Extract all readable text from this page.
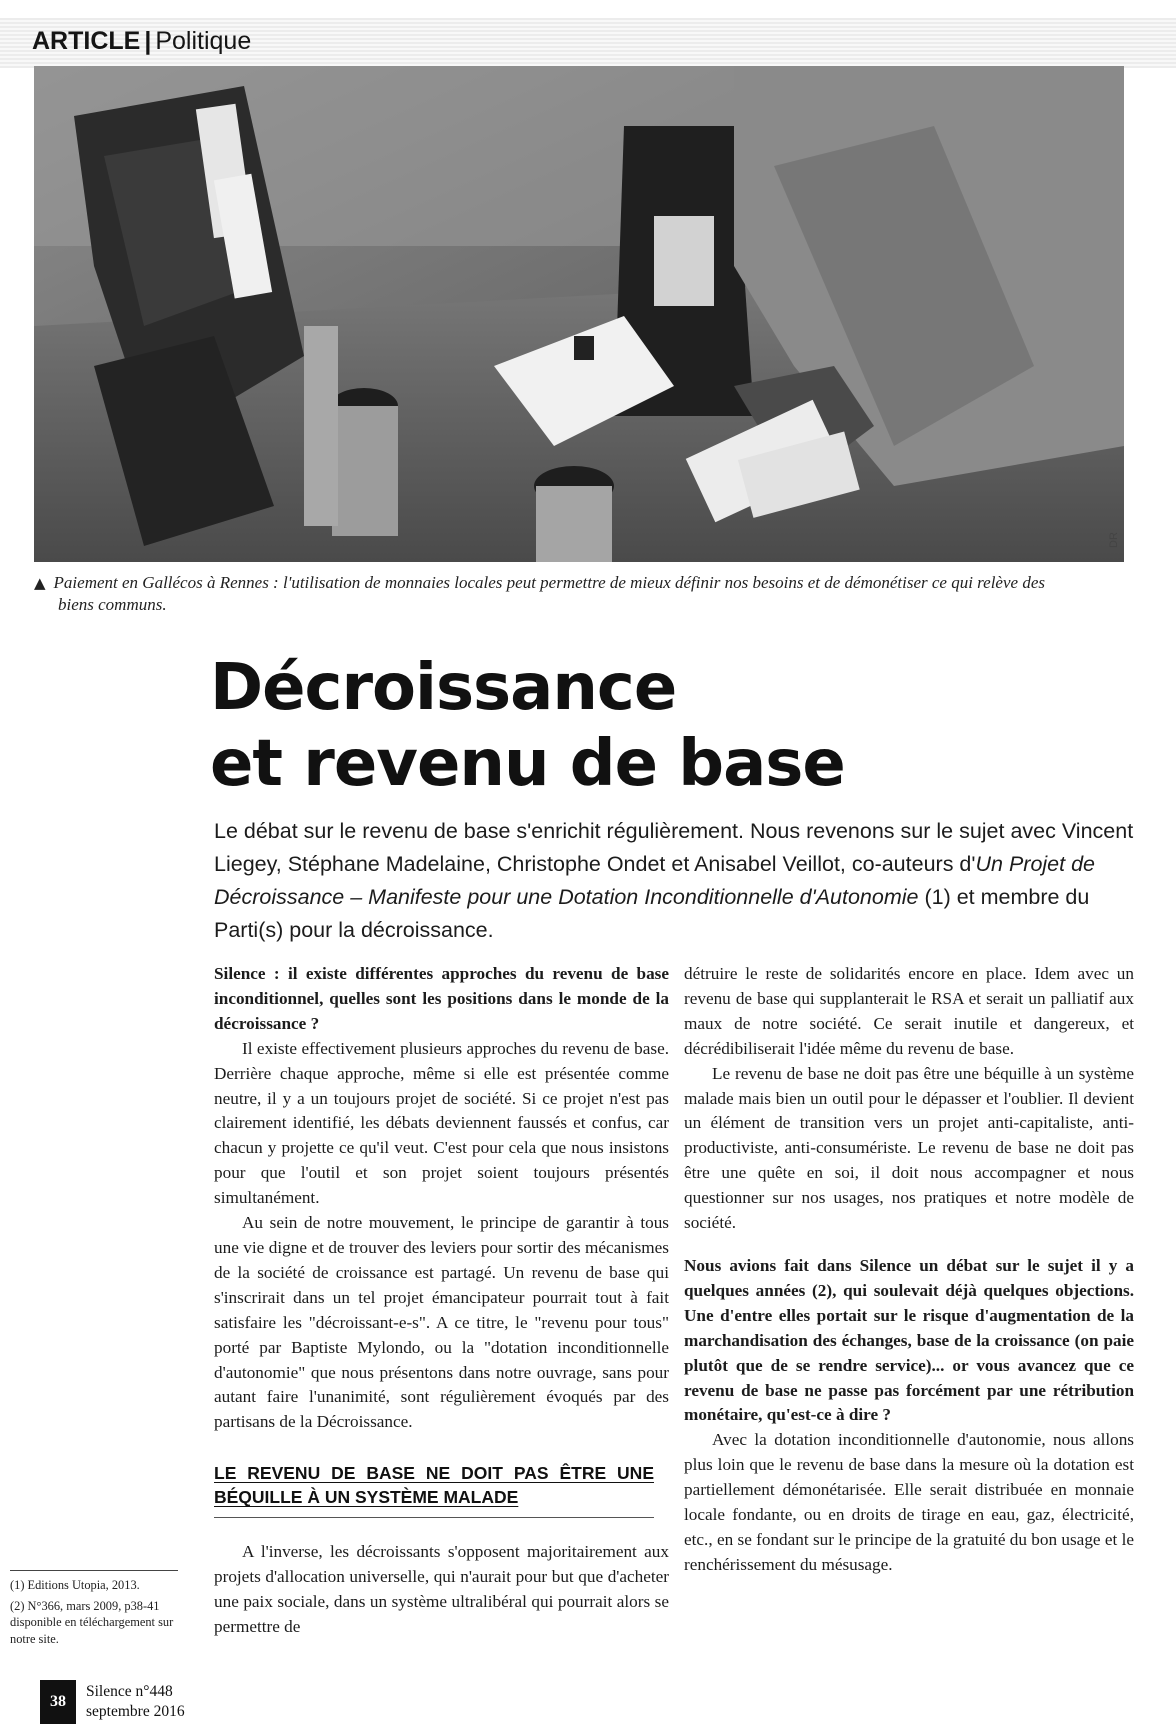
ARTICLE | Politique
DR
▲ Paiement en Gallécos à Rennes : l'utilisation de monnaies locales peut permettre de mieux définir nos besoins et de démonétiser ce qui relève des
biens communs.
Décroissance
et revenu de base
Le débat sur le revenu de base s'enrichit régulièrement. Nous revenons sur le sujet avec Vincent Liegey, Stéphane Madelaine, Christophe Ondet et Anisabel Veillot, co-auteurs d'Un Projet de Décroissance – Manifeste pour une Dotation Inconditionnelle d'Autonomie (1) et membre du Parti(s) pour la décroissance.

Silence : il existe différentes approches du revenu de base inconditionnel, quelles sont les positions dans le monde de la décroissance ?

Il existe effectivement plusieurs approches du revenu de base. Derrière chaque approche, même si elle est présentée comme neutre, il y a un toujours projet de société. Si ce projet n'est pas clairement identifié, les débats deviennent faussés et confus, car chacun y projette ce qu'il veut. C'est pour cela que nous insistons pour que l'outil et son projet soient toujours présentés simultanément.

Au sein de notre mouvement, le principe de garantir à tous une vie digne et de trouver des leviers pour sortir des mécanismes de la société de croissance est partagé. Un revenu de base qui s'inscrirait dans un tel projet émancipateur pourrait tout à fait satisfaire les "décroissant-e-s". A ce titre, le "revenu pour tous" porté par Baptiste Mylondo, ou la "dotation inconditionnelle d'autonomie" que nous présentons dans notre ouvrage, sans pour autant faire l'unanimité, sont régulièrement évoqués par des partisans de la Décroissance.

LE REVENU DE BASE NE DOIT PAS ÊTRE UNE BÉQUILLE À UN SYSTÈME MALADE

A l'inverse, les décroissants s'opposent majoritairement aux projets d'allocation universelle, qui n'aurait pour but que d'acheter une paix sociale, dans un système ultralibéral qui pourrait alors se permettre de

détruire le reste de solidarités encore en place. Idem avec un revenu de base qui supplanterait le RSA et serait un palliatif aux maux de notre société. Ce serait inutile et dangereux, et décrédibiliserait l'idée même du revenu de base.

Le revenu de base ne doit pas être une béquille à un système malade mais bien un outil pour le dépasser et l'oublier. Il devient un élément de transition vers un projet anti-capitaliste, anti-productiviste, anti-consumériste. Le revenu de base ne doit pas être une quête en soi, il doit nous accompagner et nous questionner sur nos usages, nos pratiques et notre modèle de société.

Nous avions fait dans Silence un débat sur le sujet il y a quelques années (2), qui soulevait déjà quelques objections. Une d'entre elles portait sur le risque d'augmentation de la marchandisation des échanges, base de la croissance (on paie plutôt que de se rendre service)... or vous avancez que ce revenu de base ne passe pas forcément par une rétribution monétaire, qu'est-ce à dire ?

Avec la dotation inconditionnelle d'autonomie, nous allons plus loin que le revenu de base dans la mesure où la dotation est partiellement démonétarisée. Elle serait distribuée en monnaie locale fondante, ou en droits de tirage en eau, gaz, électricité, etc., en se fondant sur le principe de la gratuité du bon usage et le renchérissement du mésusage.

(1) Editions Utopia, 2013.

(2) N°366, mars 2009, p38-41 disponible en téléchargement sur notre site.

38
Silence n°448
septembre 2016
